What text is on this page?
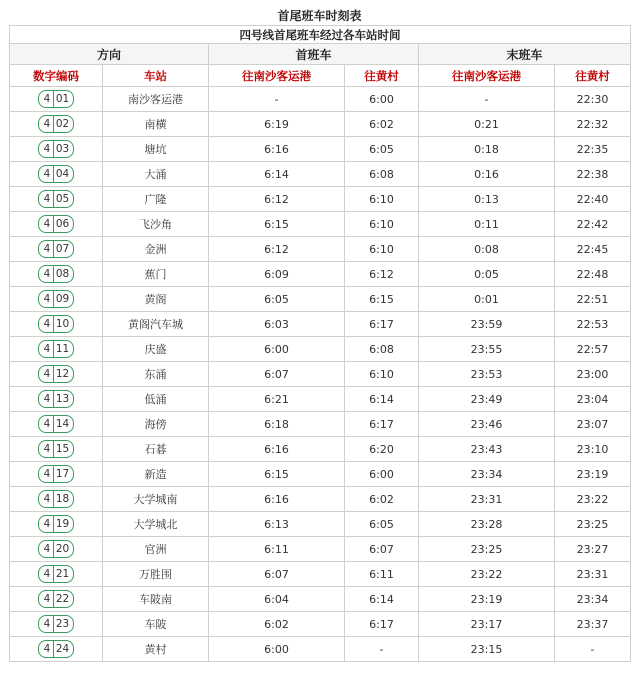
首尾班车时刻表
四号线首尾班车经过各车站时间					
方向		首班车		末班车	
数字编码	车站	往南沙客运港	往黄村	往南沙客运港	往黄村

4 01	南沙客运港	-	6:00	-	22:30

4 02	南横	6:19	6:02	0:21	22:32

4 03	塘坑	6:16	6:05	0:18	22:35

4 04	大涌	6:14	6:08	0:16	22:38

4 05	广隆	6:12	6:10	0:13	22:40

4 06	飞沙角	6:15	6:10	0:11	22:42

4 07	金洲	6:12	6:10	0:08	22:45

4 08	蕉门	6:09	6:12	0:05	22:48

4 09	黄阁	6:05	6:15	0:01	22:51

4 10	黄阁汽车城	6:03	6:17	23:59	22:53

4 11	庆盛	6:00	6:08	23:55	22:57

4 12	东涌	6:07	6:10	23:53	23:00

4 13	低涌	6:21	6:14	23:49	23:04

4 14	海傍	6:18	6:17	23:46	23:07

4 15	石碁	6:16	6:20	23:43	23:10

4 17	新造	6:15	6:00	23:34	23:19

4 18	大学城南	6:16	6:02	23:31	23:22

4 19	大学城北	6:13	6:05	23:28	23:25

4 20	官洲	6:11	6:07	23:25	23:27

4 21	万胜围	6:07	6:11	23:22	23:31

4 22	车陂南	6:04	6:14	23:19	23:34

4 23	车陂	6:02	6:17	23:17	23:37

4 24	黄村	6:00	-	23:15	-
